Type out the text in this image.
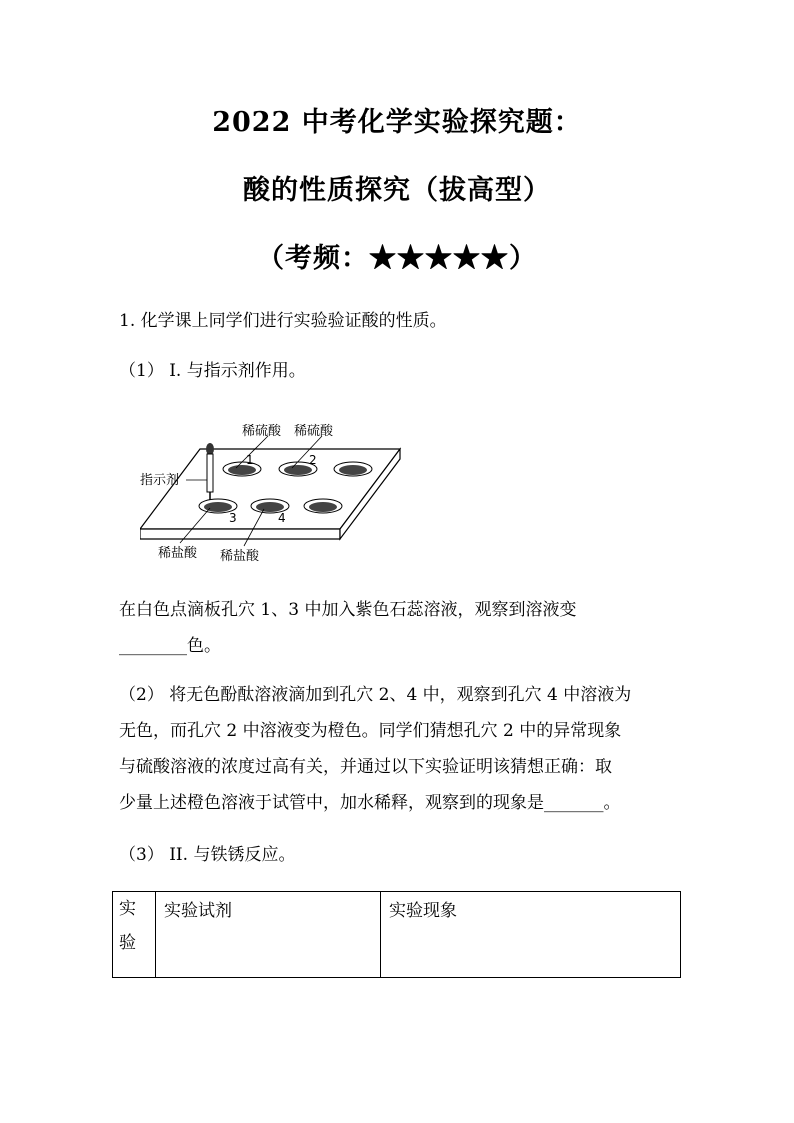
2022 中考化学实验探究题：
酸的性质探究（拔高型）
（考频：★★★★★）
1. 化学课上同学们进行实验验证酸的性质。
（1） I. 与指示剂作用。
稀硫酸 稀硫酸
指示剂
稀盐酸 稀盐酸
1	2
3	4
在白色点滴板孔穴 1、3 中加入紫色石蕊溶液，观察到溶液变
________色。
（2） 将无色酚酞溶液滴加到孔穴 2、4 中，观察到孔穴 4 中溶液为
无色，而孔穴 2 中溶液变为橙色。同学们猜想孔穴 2 中的异常现象
与硫酸溶液的浓度过高有关，并通过以下实验证明该猜想正确：取
少量上述橙色溶液于试管中，加水稀释，观察到的现象是_______。
（3） II. 与铁锈反应。
实
验
	实验试剂	实验现象
